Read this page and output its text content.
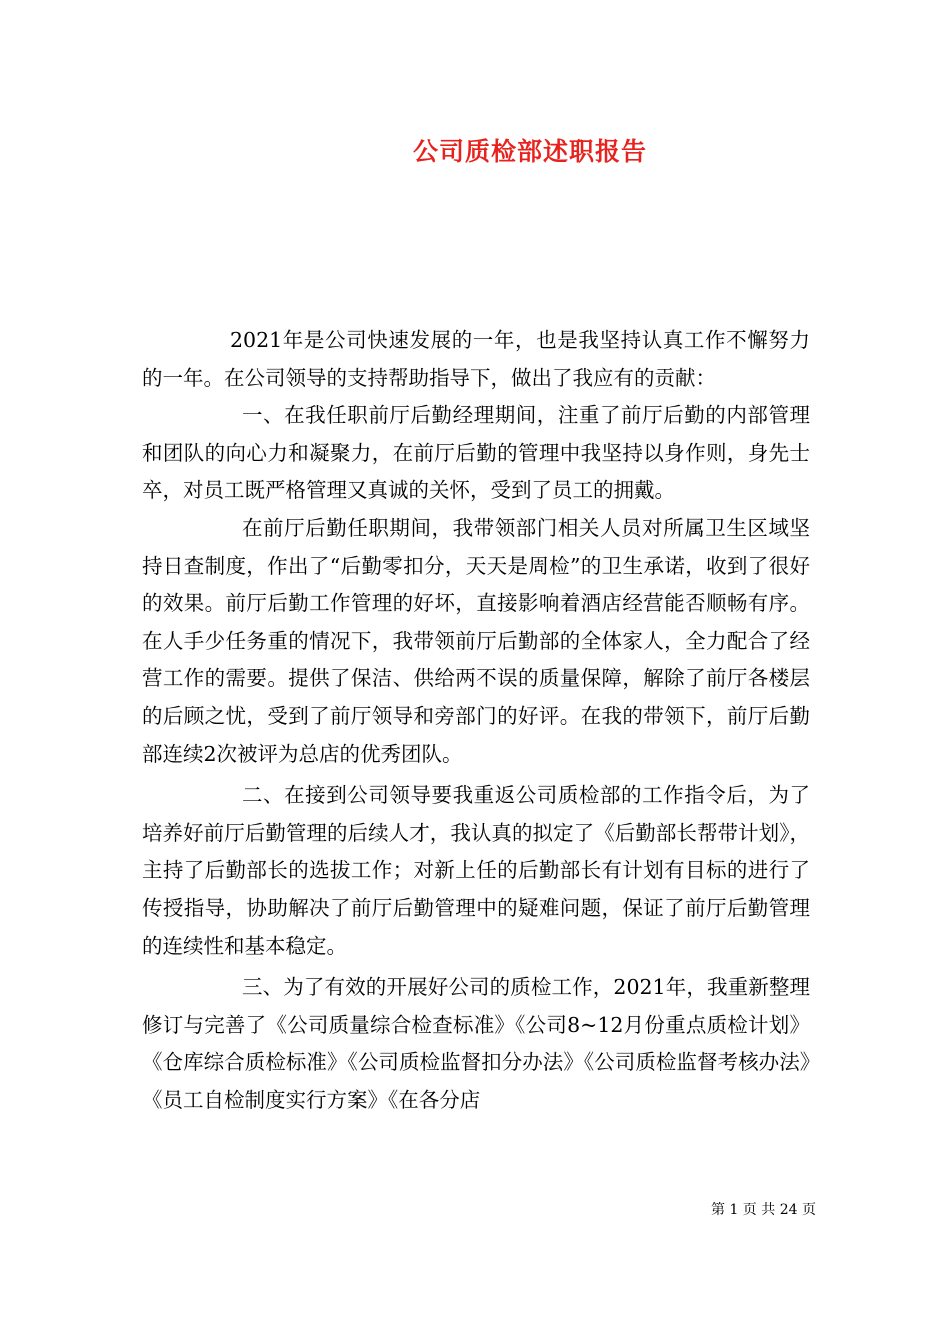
公司质检部述职报告

2021年是公司快速发展的一年，也是我坚持认真工作不懈努力的一年。在公司领导的支持帮助指导下，做出了我应有的贡献：

一、在我任职前厅后勤经理期间，注重了前厅后勤的内部管理和团队的向心力和凝聚力，在前厅后勤的管理中我坚持以身作则，身先士卒，对员工既严格管理又真诚的关怀，受到了员工的拥戴。

在前厅后勤任职期间，我带领部门相关人员对所属卫生区域坚持日查制度，作出了“后勤零扣分，天天是周检”的卫生承诺，收到了很好的效果。前厅后勤工作管理的好坏，直接影响着酒店经营能否顺畅有序。在人手少任务重的情况下，我带领前厅后勤部的全体家人，全力配合了经营工作的需要。提供了保洁、供给两不误的质量保障，解除了前厅各楼层的后顾之忧，受到了前厅领导和旁部门的好评。在我的带领下，前厅后勤部连续2次被评为总店的优秀团队。

二、在接到公司领导要我重返公司质检部的工作指令后，为了培养好前厅后勤管理的后续人才，我认真的拟定了《后勤部长帮带计划》，主持了后勤部长的选拔工作；对新上任的后勤部长有计划有目标的进行了传授指导，协助解决了前厅后勤管理中的疑难问题，保证了前厅后勤管理的连续性和基本稳定。

三、为了有效的开展好公司的质检工作，2021年，我重新整理修订与完善了《公司质量综合检查标准》《公司8~12月份重点质检计划》《仓库综合质检标准》《公司质检监督扣分办法》《公司质检监督考核办法》《员工自检制度实行方案》《在各分店

第 1 页 共 24 页
